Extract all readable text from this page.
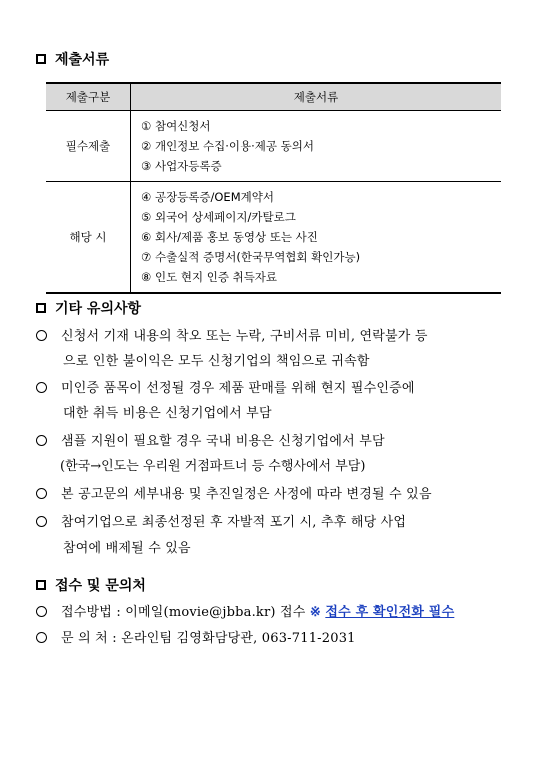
제출서류
제출구분	제출서류
필수제출	① 참여신청서
② 개인정보 수집·이용·제공 동의서
③ 사업자등록증

해당 시	④ 공장등록증/OEM계약서
⑤ 외국어 상세페이지/카탈로그
⑥ 회사/제품 홍보 동영상 또는 사진
⑦ 수출실적 증명서(한국무역협회 확인가능)
⑧ 인도 현지 인증 취득자료
기타 유의사항
신청서 기재 내용의 착오 또는 누락, 구비서류 미비, 연락불가 등
으로 인한 불이익은 모두 신청기업의 책임으로 귀속함
미인증 품목이 선정될 경우 제품 판매를 위해 현지 필수인증에
대한 취득 비용은 신청기업에서 부담
샘플 지원이 필요할 경우 국내 비용은 신청기업에서 부담
(한국→인도는 우리원 거점파트너 등 수행사에서 부담)
본 공고문의 세부내용 및 추진일정은 사정에 따라 변경될 수 있음
참여기업으로 최종선정된 후 자발적 포기 시, 추후 해당 사업
참여에 배제될 수 있음
접수 및 문의처
접수방법 : 이메일(movie@jbba.kr) 접수 ※ 접수 후 확인전화 필수
문 의 처 : 온라인팀 김영화담당관, 063-711-2031
